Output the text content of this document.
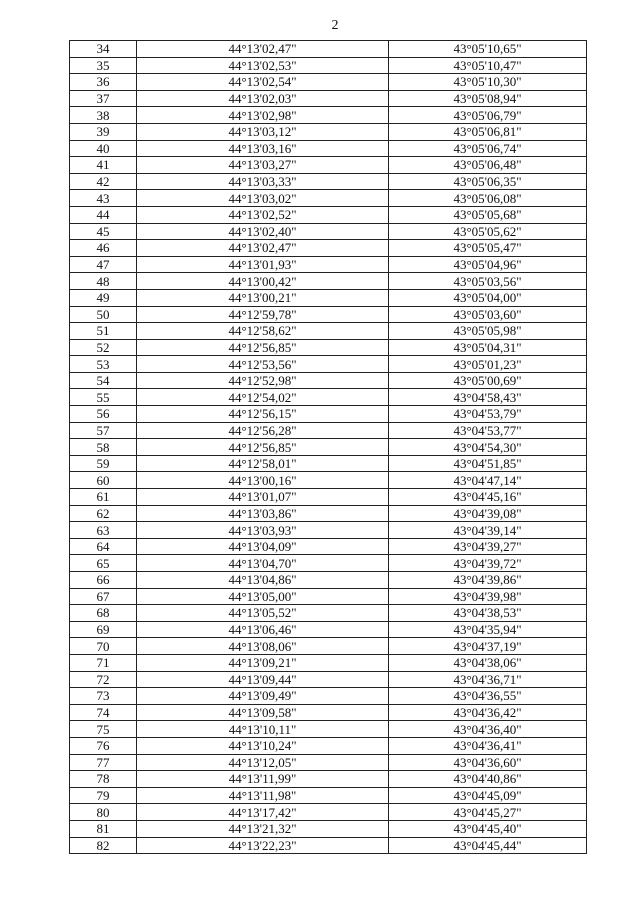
2
34	44°13'02,47"	43°05'10,65"
35	44°13'02,53"	43°05'10,47"
36	44°13'02,54"	43°05'10,30"
37	44°13'02,03"	43°05'08,94"
38	44°13'02,98"	43°05'06,79"
39	44°13'03,12"	43°05'06,81"
40	44°13'03,16"	43°05'06,74"
41	44°13'03,27"	43°05'06,48"
42	44°13'03,33"	43°05'06,35"
43	44°13'03,02"	43°05'06,08"
44	44°13'02,52"	43°05'05,68"
45	44°13'02,40"	43°05'05,62"
46	44°13'02,47"	43°05'05,47"
47	44°13'01,93"	43°05'04,96"
48	44°13'00,42"	43°05'03,56"
49	44°13'00,21"	43°05'04,00"
50	44°12'59,78"	43°05'03,60"
51	44°12'58,62"	43°05'05,98"
52	44°12'56,85"	43°05'04,31"
53	44°12'53,56"	43°05'01,23"
54	44°12'52,98"	43°05'00,69"
55	44°12'54,02"	43°04'58,43"
56	44°12'56,15"	43°04'53,79"
57	44°12'56,28"	43°04'53,77"
58	44°12'56,85"	43°04'54,30"
59	44°12'58,01"	43°04'51,85"
60	44°13'00,16"	43°04'47,14"
61	44°13'01,07"	43°04'45,16"
62	44°13'03,86"	43°04'39,08"
63	44°13'03,93"	43°04'39,14"
64	44°13'04,09"	43°04'39,27"
65	44°13'04,70"	43°04'39,72"
66	44°13'04,86"	43°04'39,86"
67	44°13'05,00"	43°04'39,98"
68	44°13'05,52"	43°04'38,53"
69	44°13'06,46"	43°04'35,94"
70	44°13'08,06"	43°04'37,19"
71	44°13'09,21"	43°04'38,06"
72	44°13'09,44"	43°04'36,71"
73	44°13'09,49"	43°04'36,55"
74	44°13'09,58"	43°04'36,42"
75	44°13'10,11"	43°04'36,40"
76	44°13'10,24"	43°04'36,41"
77	44°13'12,05"	43°04'36,60"
78	44°13'11,99"	43°04'40,86"
79	44°13'11,98"	43°04'45,09"
80	44°13'17,42"	43°04'45,27"
81	44°13'21,32"	43°04'45,40"
82	44°13'22,23"	43°04'45,44"
